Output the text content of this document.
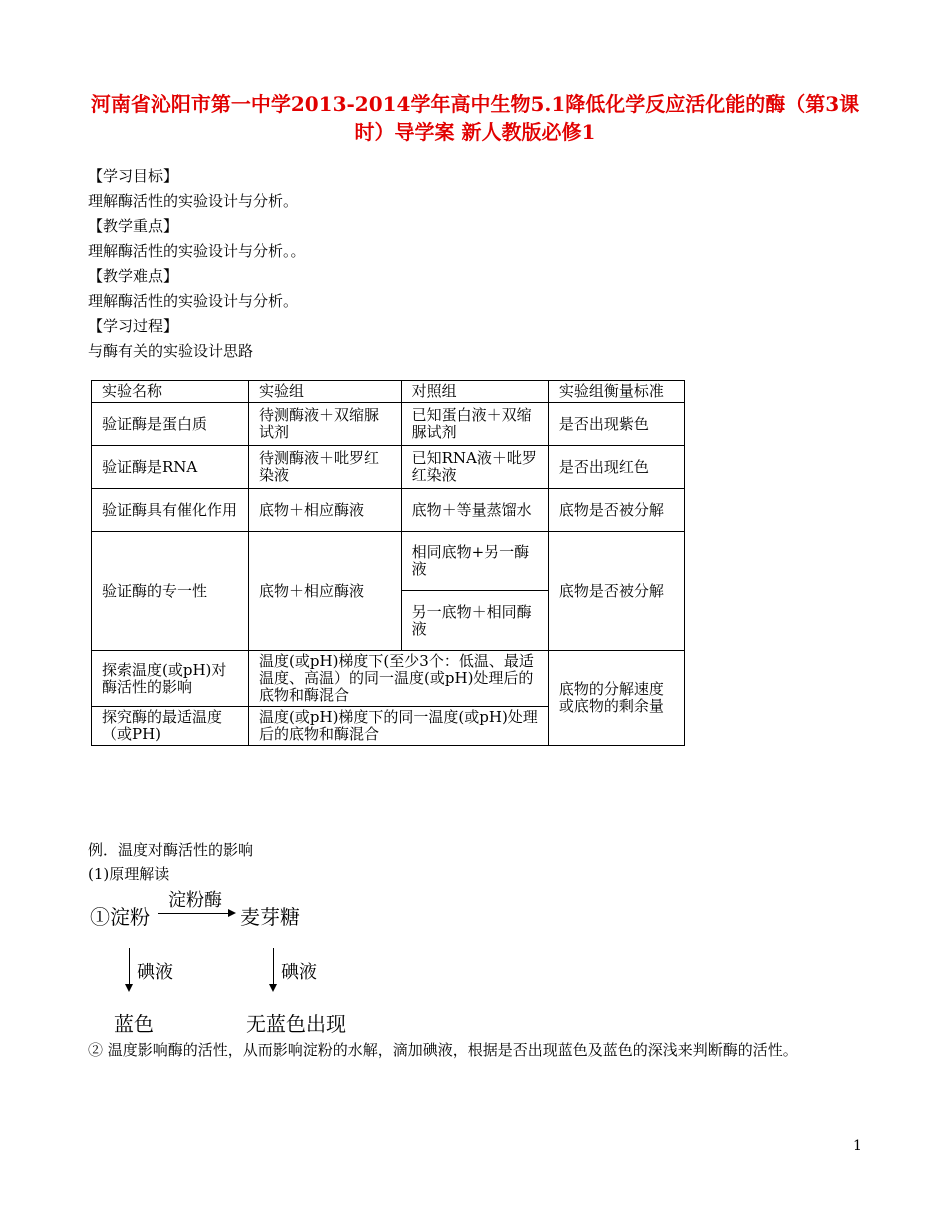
河南省沁阳市第一中学2013-2014学年高中生物5.1降低化学反应活化能的酶（第3课时）导学案 新人教版必修1
【学习目标】
理解酶活性的实验设计与分析。
【教学重点】
理解酶活性的实验设计与分析。。
【教学难点】
理解酶活性的实验设计与分析。
【学习过程】
与酶有关的实验设计思路
实验名称	实验组	对照组	实验组衡量标准
验证酶是蛋白质	待测酶液＋双缩脲试剂	已知蛋白液＋双缩脲试剂	是否出现紫色
验证酶是RNA	待测酶液＋吡罗红染液	已知RNA液＋吡罗红染液	是否出现红色
验证酶具有催化作用	底物＋相应酶液	底物＋等量蒸馏水	底物是否被分解
验证酶的专一性	底物＋相应酶液	相同底物+另一酶液	底物是否被分解
		另一底物＋相同酶液	
探索温度(或pH)对酶活性的影响	温度(或pH)梯度下(至少3个：低温、最适温度、高温）的同一温度(或pH)处理后的底物和酶混合		底物的分解速度或底物的剩余量
探究酶的最适温度（或PH)	温度(或pH)梯度下的同一温度(或pH)处理后的底物和酶混合		
例．温度对酶活性的影响
(1)原理解读
①淀粉
淀粉酶
麦芽糖
碘液	碘液
蓝色	无蓝色出现
② 温度影响酶的活性，从而影响淀粉的水解，滴加碘液，根据是否出现蓝色及蓝色的深浅来判断酶的活性。
1
